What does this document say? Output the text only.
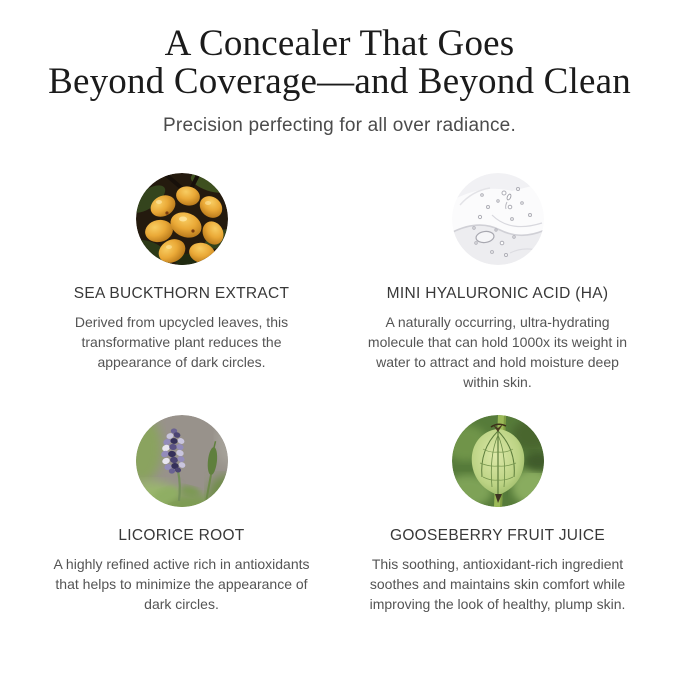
A Concealer That Goes
Beyond Coverage—and Beyond Clean
Precision perfecting for all over radiance.
SEA BUCKTHORN EXTRACT

Derived from upcycled leaves, this transformative plant reduces the appearance of dark circles.

MINI HYALURONIC ACID (HA)

A naturally occurring, ultra-hydrating molecule that can hold 1000x its weight in water to attract and hold moisture deep within skin.

LICORICE ROOT

A highly refined active rich in antioxidants that helps to minimize the appearance of dark circles.

GOOSEBERRY FRUIT JUICE

This soothing, antioxidant-rich ingredient soothes and maintains skin comfort while improving the look of healthy, plump skin.
